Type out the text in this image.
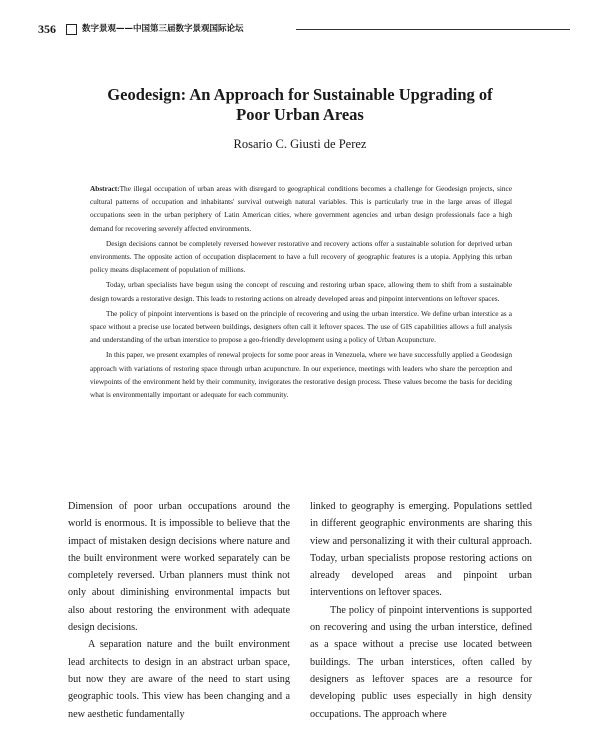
356	数字景观——中国第三届数字景观国际论坛
Geodesign: An Approach for Sustainable Upgrading of
Poor Urban Areas
Rosario C. Giusti de Perez

Abstract:The illegal occupation of urban areas with disregard to geographical conditions becomes a challenge for Geodesign projects, since cultural patterns of occupation and inhabitants' survival outweigh natural variables. This is particularly true in the large areas of illegal occupations seen in the urban periphery of Latin American cities, where government agencies and urban design professionals face a high demand for recovering severely affected environments.

Design decisions cannot be completely reversed however restorative and recovery actions offer a sustainable solution for deprived urban environments. The opposite action of occupation displacement to have a full recovery of geographic features is a utopia. Applying this urban policy means displacement of population of millions.

Today, urban specialists have begun using the concept of rescuing and restoring urban space, allowing them to shift from a sustainable design towards a restorative design. This leads to restoring actions on already developed areas and pinpoint interventions on leftover spaces.

The policy of pinpoint interventions is based on the principle of recovering and using the urban interstice. We define urban interstice as a space without a precise use located between buildings, designers often call it leftover spaces. The use of GIS capabilities allows a full analysis and understanding of the urban interstice to propose a geo-friendly development using a policy of Urban Acupuncture.

In this paper, we present examples of renewal projects for some poor areas in Venezuela, where we have successfully applied a Geodesign approach with variations of restoring space through urban acupuncture. In our experience, meetings with leaders who share the perception and viewpoints of the environment held by their community, invigorates the restorative design process. These values become the basis for deciding what is environmentally important or adequate for each community.

Dimension of poor urban occupations around the world is enormous. It is impossible to believe that the impact of mistaken design decisions where nature and the built environment were worked separately can be completely reversed. Urban planners must think not only about diminishing environmental impacts but also about restoring the environment with adequate design decisions.

A separation nature and the built environment lead architects to design in an abstract urban space, but now they are aware of the need to start using geographic tools. This view has been changing and a new aesthetic fundamentally

linked to geography is emerging. Populations settled in different geographic environments are sharing this view and personalizing it with their cultural approach. Today, urban specialists propose restoring actions on already developed areas and pinpoint urban interventions on leftover spaces.

The policy of pinpoint interventions is supported on recovering and using the urban interstice, defined as a space without a precise use located between buildings. The urban interstices, often called by designers as leftover spaces are a resource for developing public uses especially in high density occupations. The approach where
